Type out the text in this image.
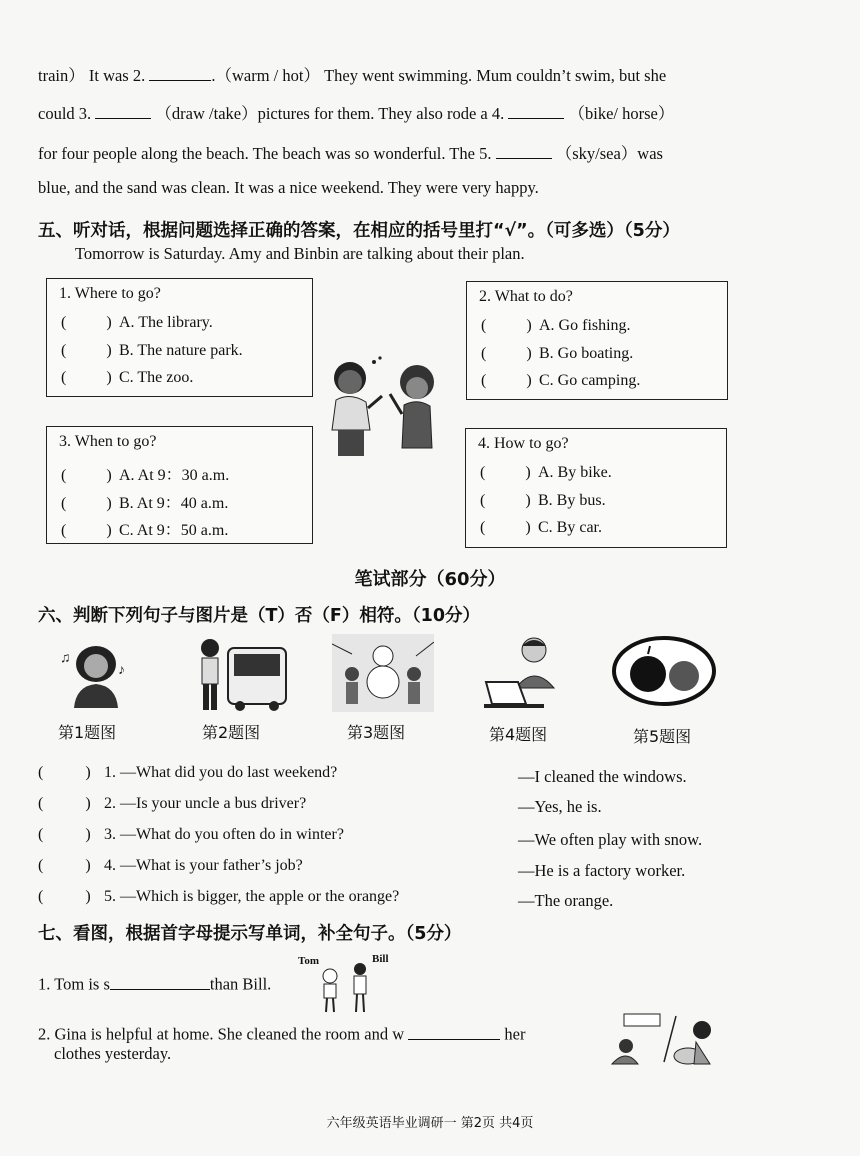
train） It was 2.	.（warm / hot） They went swimming. Mum couldn’t swim, but she
could 3.	（draw /take）pictures for them. They also rode a 4.	（bike/ horse）
for four people along the beach. The beach was so wonderful. The 5.	（sky/sea）was
blue, and the sand was clean. It was a nice weekend. They were very happy.
五、听对话，根据问题选择正确的答案，在相应的括号里打“√”。（可多选）（5分）
Tomorrow is Saturday. Amy and Binbin are talking about their plan.
1. Where to go?
(	) A. The library.
(	) B. The nature park.
(	) C. The zoo.
2. What to do?
(	) A. Go fishing.
(	) B. Go boating.
(	) C. Go camping.
3. When to go?
(	) A. At 9：30 a.m.
(	) B. At 9：40 a.m.
(	) C. At 9：50 a.m.
4. How to go?
(	) A. By bike.
(	) B. By bus.
(	) C. By car.
笔试部分（60分）
六、判断下列句子与图片是（T）否（F）相符。（10分）
♫
♪
第1题图	第2题图	第3题图	第4题图	第5题图
(	) 1. —What did you do last weekend?	—I cleaned the windows.
(	) 2. —Is your uncle a bus driver?	—Yes, he is.
(	) 3. —What do you often do in winter?	—We often play with snow.
(	) 4. —What is your father’s job?	—He is a factory worker.
(	) 5. —Which is bigger, the apple or the orange?	—The orange.
七、看图，根据首字母提示写单词，补全句子。（5分）
1. Tom is s	than Bill.
Tom	Bill
2. Gina is helpful at home. She cleaned the room and w	her
clothes yesterday.
六年级英语毕业调研一 第2页 共4页
